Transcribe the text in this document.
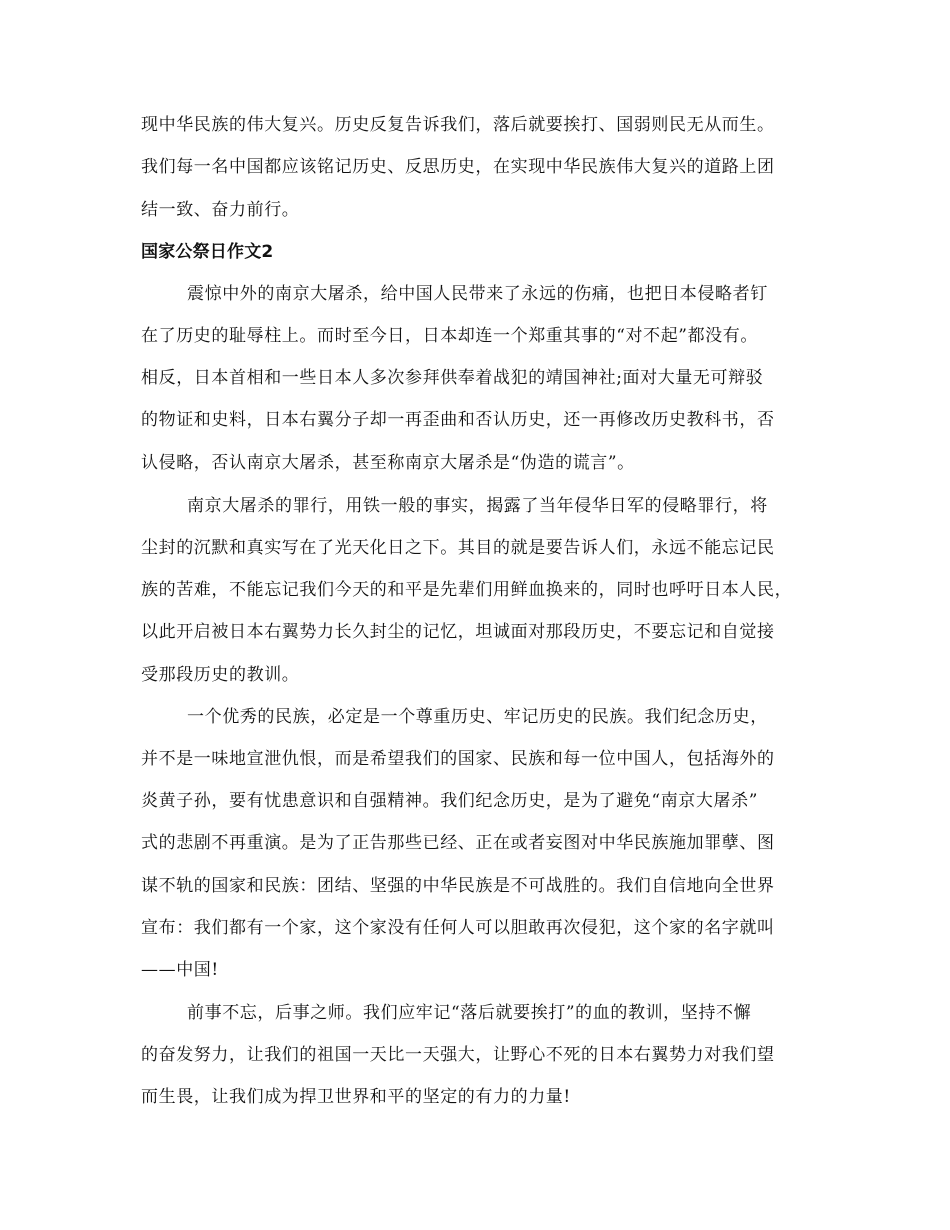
现中华民族的伟大复兴。历史反复告诉我们，落后就要挨打、国弱则民无从而生。
我们每一名中国都应该铭记历史、反思历史，在实现中华民族伟大复兴的道路上团
结一致、奋力前行。
国家公祭日作文2
震惊中外的南京大屠杀，给中国人民带来了永远的伤痛，也把日本侵略者钉
在了历史的耻辱柱上。而时至今日，日本却连一个郑重其事的“对不起”都没有。
相反，日本首相和一些日本人多次参拜供奉着战犯的靖国神社;面对大量无可辩驳
的物证和史料，日本右翼分子却一再歪曲和否认历史，还一再修改历史教科书，否
认侵略，否认南京大屠杀，甚至称南京大屠杀是“伪造的谎言”。
南京大屠杀的罪行，用铁一般的事实，揭露了当年侵华日军的侵略罪行，将
尘封的沉默和真实写在了光天化日之下。其目的就是要告诉人们，永远不能忘记民
族的苦难，不能忘记我们今天的和平是先辈们用鲜血换来的，同时也呼吁日本人民，
以此开启被日本右翼势力长久封尘的记忆，坦诚面对那段历史，不要忘记和自觉接
受那段历史的教训。
一个优秀的民族，必定是一个尊重历史、牢记历史的民族。我们纪念历史，
并不是一味地宣泄仇恨，而是希望我们的国家、民族和每一位中国人，包括海外的
炎黄子孙，要有忧患意识和自强精神。我们纪念历史，是为了避免“南京大屠杀”
式的悲剧不再重演。是为了正告那些已经、正在或者妄图对中华民族施加罪孽、图
谋不轨的国家和民族：团结、坚强的中华民族是不可战胜的。我们自信地向全世界
宣布：我们都有一个家，这个家没有任何人可以胆敢再次侵犯，这个家的名字就叫
——中国!
前事不忘，后事之师。我们应牢记“落后就要挨打”的血的教训，坚持不懈
的奋发努力，让我们的祖国一天比一天强大，让野心不死的日本右翼势力对我们望
而生畏，让我们成为捍卫世界和平的坚定的有力的力量!
